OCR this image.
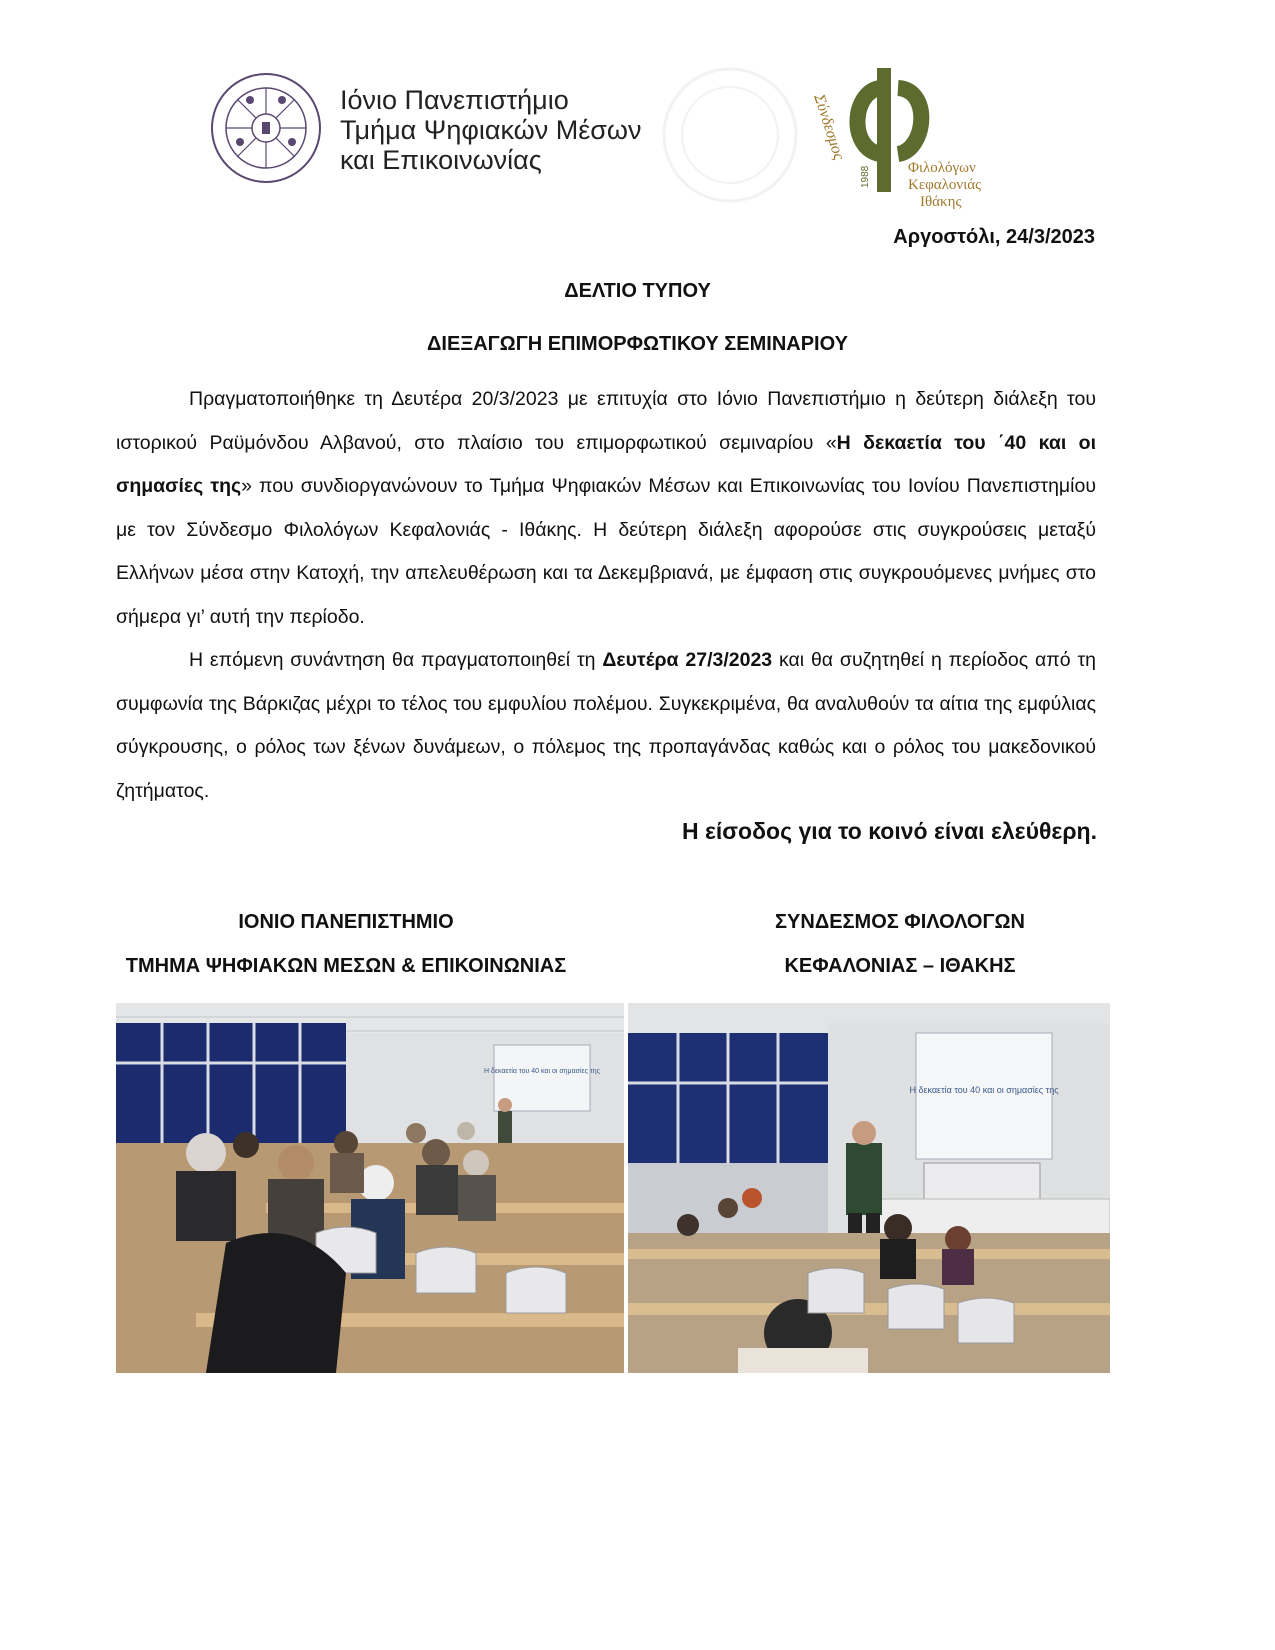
Ιόνιο Πανεπιστήμιο
Τμήμα Ψηφιακών Μέσων
και Επικοινωνίας	Σύνδεσμος
Φιλολόγων
Κεφαλονιάς
Ιθάκης
1988
Αργοστόλι, 24/3/2023
ΔΕΛΤΙΟ ΤΥΠΟΥ
ΔΙΕΞΑΓΩΓΗ ΕΠΙΜΟΡΦΩΤΙΚΟΥ ΣΕΜΙΝΑΡΙΟΥ

Πραγματοποιήθηκε τη Δευτέρα 20/3/2023 με επιτυχία στο Ιόνιο Πανεπιστήμιο η δεύτερη διάλεξη του ιστορικού Ραϋμόνδου Αλβανού, στο πλαίσιο του επιμορφωτικού σεμιναρίου «Η δεκαετία του ΄40 και οι σημασίες της» που συνδιοργανώνουν το Τμήμα Ψηφιακών Μέσων και Επικοινωνίας του Ιονίου Πανεπιστημίου με τον Σύνδεσμο Φιλολόγων Κεφαλονιάς - Ιθάκης. Η δεύτερη διάλεξη αφορούσε στις συγκρούσεις μεταξύ Ελλήνων μέσα στην Κατοχή, την απελευθέρωση και τα Δεκεμβριανά, με έμφαση στις συγκρουόμενες μνήμες στο σήμερα γι’ αυτή την περίοδο.

Η επόμενη συνάντηση θα πραγματοποιηθεί τη Δευτέρα 27/3/2023 και θα συζητηθεί η περίοδος από τη συμφωνία της Βάρκιζας μέχρι το τέλος του εμφυλίου πολέμου. Συγκεκριμένα, θα αναλυθούν τα αίτια της εμφύλιας σύγκρουσης, ο ρόλος των ξένων δυνάμεων, ο πόλεμος της προπαγάνδας καθώς και ο ρόλος του μακεδονικού ζητήματος.

Η είσοδος για το κοινό είναι ελεύθερη.
ΙΟΝΙΟ ΠΑΝΕΠΙΣΤΗΜΙΟ
ΤΜΗΜΑ ΨΗΦΙΑΚΩΝ ΜΕΣΩΝ & ΕΠΙΚΟΙΝΩΝΙΑΣ
ΣΥΝΔΕΣΜΟΣ ΦΙΛΟΛΟΓΩΝ
ΚΕΦΑΛΟΝΙΑΣ – ΙΘΑΚΗΣ
Η δεκαετία του 40 και οι σημασίες της
Η δεκαετία του 40 και οι σημασίες της
